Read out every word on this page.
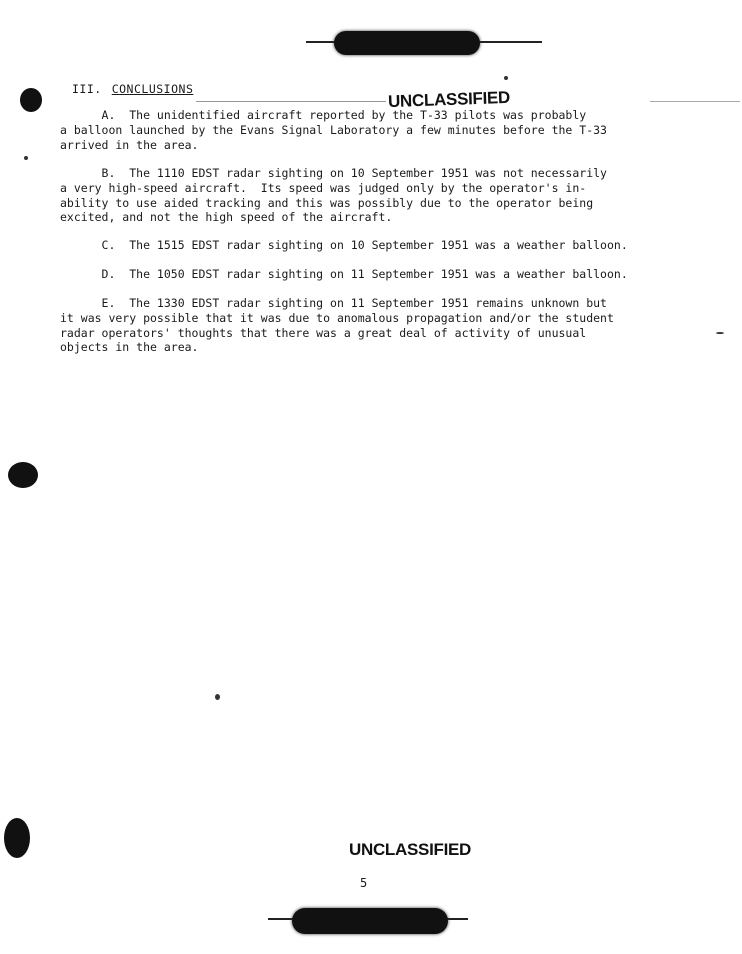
III. CONCLUSIONS	UNCLASSIFIED

A.  The unidentified aircraft reported by the T-33 pilots was probably
a balloon launched by the Evans Signal Laboratory a few minutes before the T-33
arrived in the area.

B.  The 1110 EDST radar sighting on 10 September 1951 was not necessarily
a very high-speed aircraft.  Its speed was judged only by the operator's in-
ability to use aided tracking and this was possibly due to the operator being
excited, and not the high speed of the aircraft.

C.  The 1515 EDST radar sighting on 10 September 1951 was a weather balloon.

D.  The 1050 EDST radar sighting on 11 September 1951 was a weather balloon.

E.  The 1330 EDST radar sighting on 11 September 1951 remains unknown but
it was very possible that it was due to anomalous propagation and/or the student
radar operators' thoughts that there was a great deal of activity of unusual
objects in the area.

UNCLASSIFIED
5
